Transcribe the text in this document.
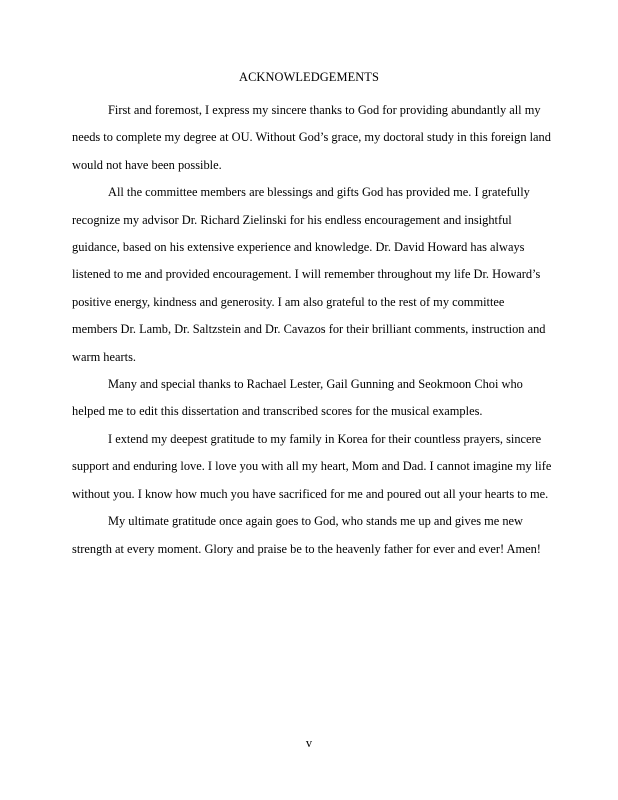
ACKNOWLEDGEMENTS

First and foremost, I express my sincere thanks to God for providing abundantly all my needs to complete my degree at OU. Without God’s grace, my doctoral study in this foreign land would not have been possible.

All the committee members are blessings and gifts God has provided me. I gratefully recognize my advisor Dr. Richard Zielinski for his endless encouragement and insightful guidance, based on his extensive experience and knowledge. Dr. David Howard has always listened to me and provided encouragement. I will remember throughout my life Dr. Howard’s positive energy, kindness and generosity. I am also grateful to the rest of my committee members Dr. Lamb, Dr. Saltzstein and Dr. Cavazos for their brilliant comments, instruction and warm hearts.

Many and special thanks to Rachael Lester, Gail Gunning and Seokmoon Choi who helped me to edit this dissertation and transcribed scores for the musical examples.

I extend my deepest gratitude to my family in Korea for their countless prayers, sincere support and enduring love. I love you with all my heart, Mom and Dad. I cannot imagine my life without you. I know how much you have sacrificed for me and poured out all your hearts to me.

My ultimate gratitude once again goes to God, who stands me up and gives me new strength at every moment. Glory and praise be to the heavenly father for ever and ever! Amen!

v
